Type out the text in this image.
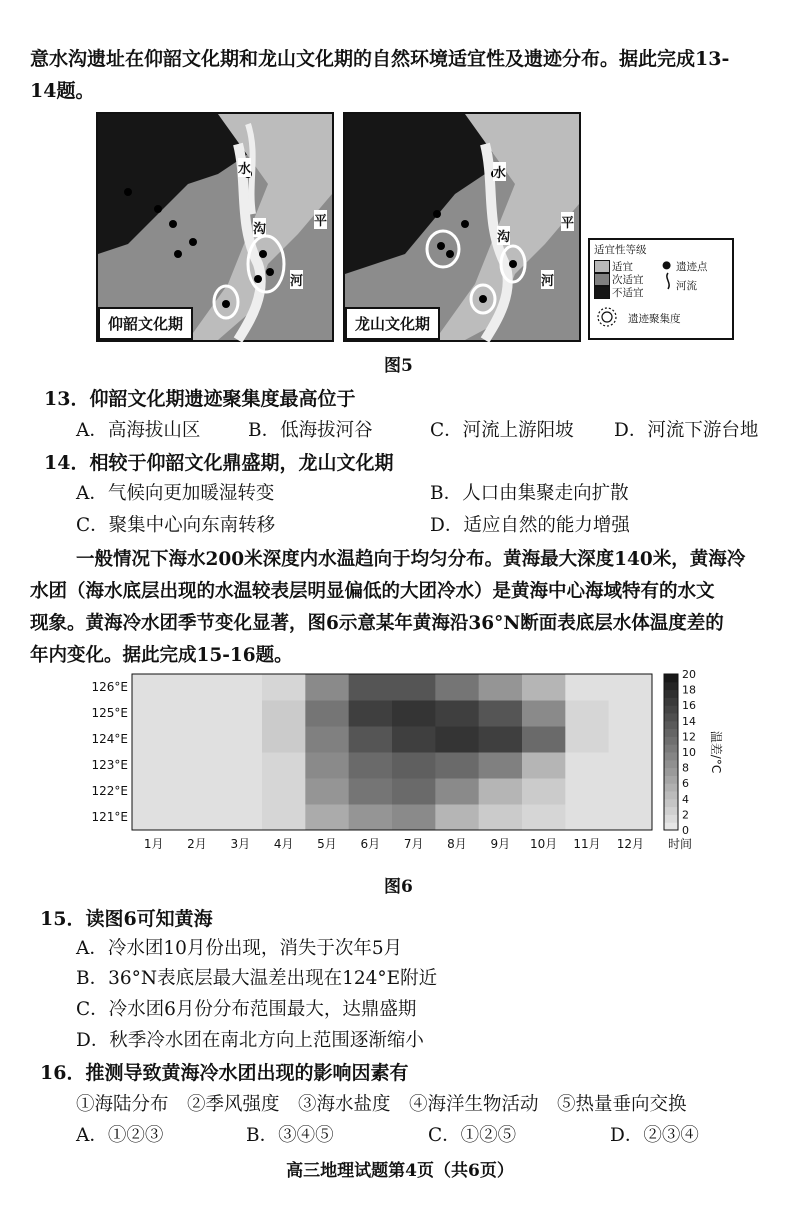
意水沟遗址在仰韶文化期和龙山文化期的自然环境适宜性及遗迹分布。据此完成13-
14题。
水
沟
河
平
仰韶文化期
水
沟
河
平
龙山文化期
适宜性等级
适宜
次适宜
不适宜
● 遗迹点
河流
遗迹聚集度
图5
13．仰韶文化期遗迹聚集度最高位于
A．高海拔山区	B．低海拔河谷	C．河流上游阳坡 D．河流下游台地
14．相较于仰韶文化鼎盛期，龙山文化期
A．气候向更加暖湿转变	B．人口由集聚走向扩散
C．聚集中心向东南转移	D．适应自然的能力增强
一般情况下海水200米深度内水温趋向于均匀分布。黄海最大深度140米，黄海冷
水团（海水底层出现的水温较表层明显偏低的大团冷水）是黄海中心海域特有的水文
现象。黄海冷水团季节变化显著，图6示意某年黄海沿36°N断面表底层水体温度差的
年内变化。据此完成15-16题。
121°E
122°E
123°E
124°E
125°E
126°E
1月 2月 3月 4月 5月 6月 7月 8月 9月 10月 11月 12月 时间
0
2
4
6
8
10
12
14
16
18
20
温差/°C
图6
15．读图6可知黄海
A．冷水团10月份出现，消失于次年5月
B．36°N表底层最大温差出现在124°E附近
C．冷水团6月份分布范围最大，达鼎盛期
D．秋季冷水团在南北方向上范围逐渐缩小
16．推测导致黄海冷水团出现的影响因素有
①海陆分布　②季风强度　③海水盐度　④海洋生物活动　⑤热量垂向交换
A．①②③	B．③④⑤	C．①②⑤	D．②③④
高三地理试题第4页（共6页）
